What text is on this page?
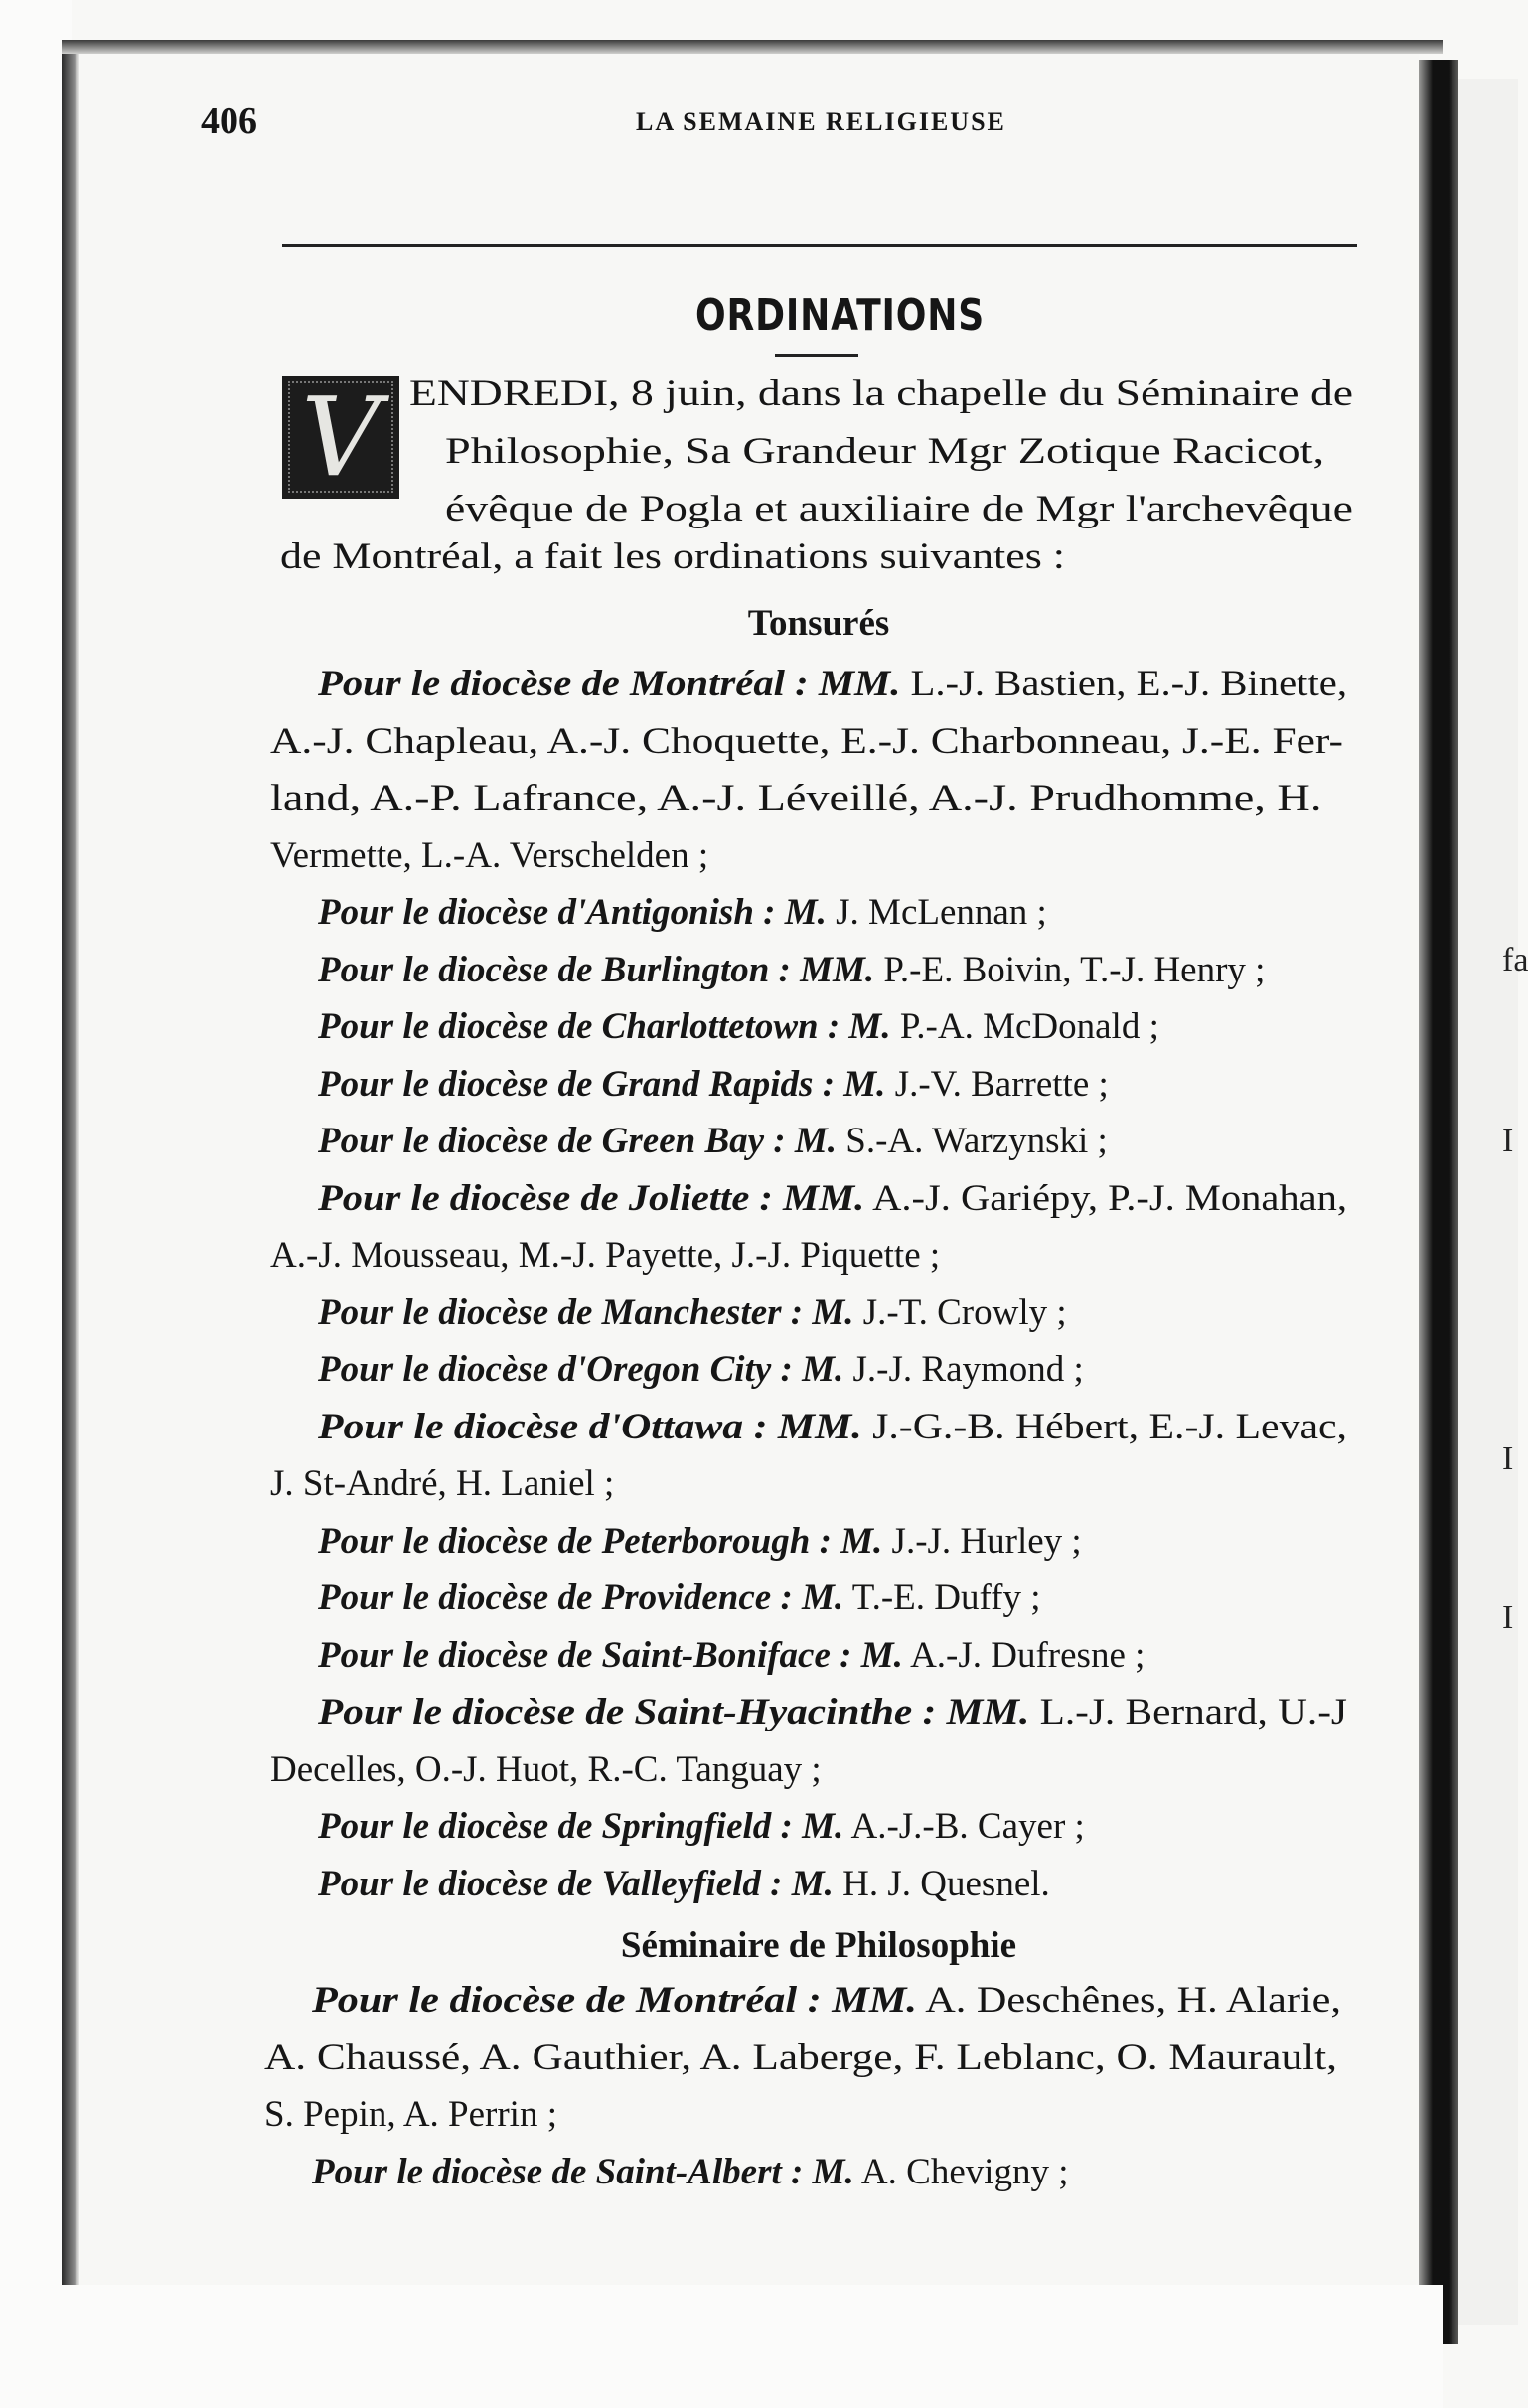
fa
I
I
I
406	LA SEMAINE RELIGIEUSE
ORDINATIONS
V ENDREDI, 8 juin, dans la chapelle du Séminaire de
Philosophie, Sa Grandeur Mgr Zotique Racicot,
évêque de Pogla et auxiliaire de Mgr l'archevêque
de Montréal, a fait les ordinations suivantes :
Tonsurés
Pour le diocèse de Montréal : MM. L.-J. Bastien, E.-J. Binette,
A.-J. Chapleau, A.-J. Choquette, E.-J. Charbonneau, J.-E. Fer-
land, A.-P. Lafrance, A.-J. Léveillé, A.-J. Prudhomme, H.
Vermette, L.-A. Verschelden ;
Pour le diocèse d'Antigonish : M. J. McLennan ;
Pour le diocèse de Burlington : MM. P.-E. Boivin, T.-J. Henry ;
Pour le diocèse de Charlottetown : M. P.-A. McDonald ;
Pour le diocèse de Grand Rapids : M. J.-V. Barrette ;
Pour le diocèse de Green Bay : M. S.-A. Warzynski ;
Pour le diocèse de Joliette : MM. A.-J. Gariépy, P.-J. Monahan,
A.-J. Mousseau, M.-J. Payette, J.-J. Piquette ;
Pour le diocèse de Manchester : M. J.-T. Crowly ;
Pour le diocèse d'Oregon City : M. J.-J. Raymond ;
Pour le diocèse d'Ottawa : MM. J.-G.-B. Hébert, E.-J. Levac,
J. St-André, H. Laniel ;
Pour le diocèse de Peterborough : M. J.-J. Hurley ;
Pour le diocèse de Providence : M. T.-E. Duffy ;
Pour le diocèse de Saint-Boniface : M. A.-J. Dufresne ;
Pour le diocèse de Saint-Hyacinthe : MM. L.-J. Bernard, U.-J
Decelles, O.-J. Huot, R.-C. Tanguay ;
Pour le diocèse de Springfield : M. A.-J.-B. Cayer ;
Pour le diocèse de Valleyfield : M. H. J. Quesnel.
Séminaire de Philosophie
Pour le diocèse de Montréal : MM. A. Deschênes, H. Alarie,
A. Chaussé, A. Gauthier, A. Laberge, F. Leblanc, O. Maurault,
S. Pepin, A. Perrin ;
Pour le diocèse de Saint-Albert : M. A. Chevigny ;
